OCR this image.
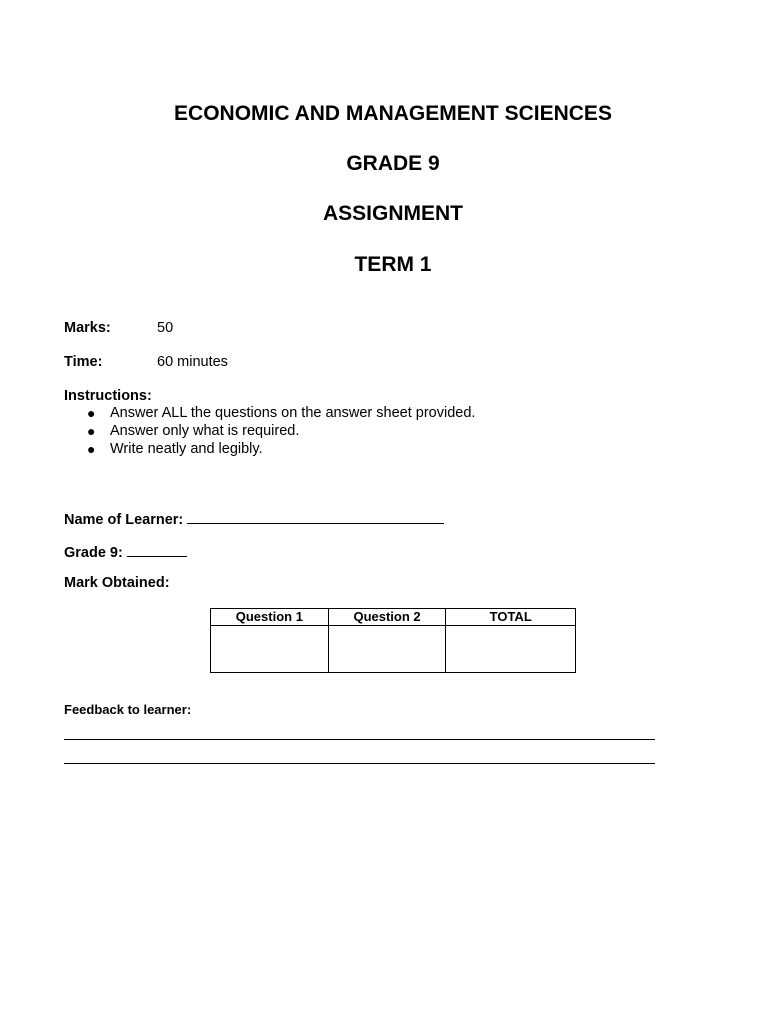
ECONOMIC AND MANAGEMENT SCIENCES
GRADE 9
ASSIGNMENT
TERM 1
Marks:	50
Time:	60 minutes
Instructions:
● Answer ALL the questions on the answer sheet provided.
● Answer only what is required.
● Write neatly and legibly.
Name of Learner:
Grade 9:
Mark Obtained:
Question 1	Question 2	TOTAL

Feedback to learner:
